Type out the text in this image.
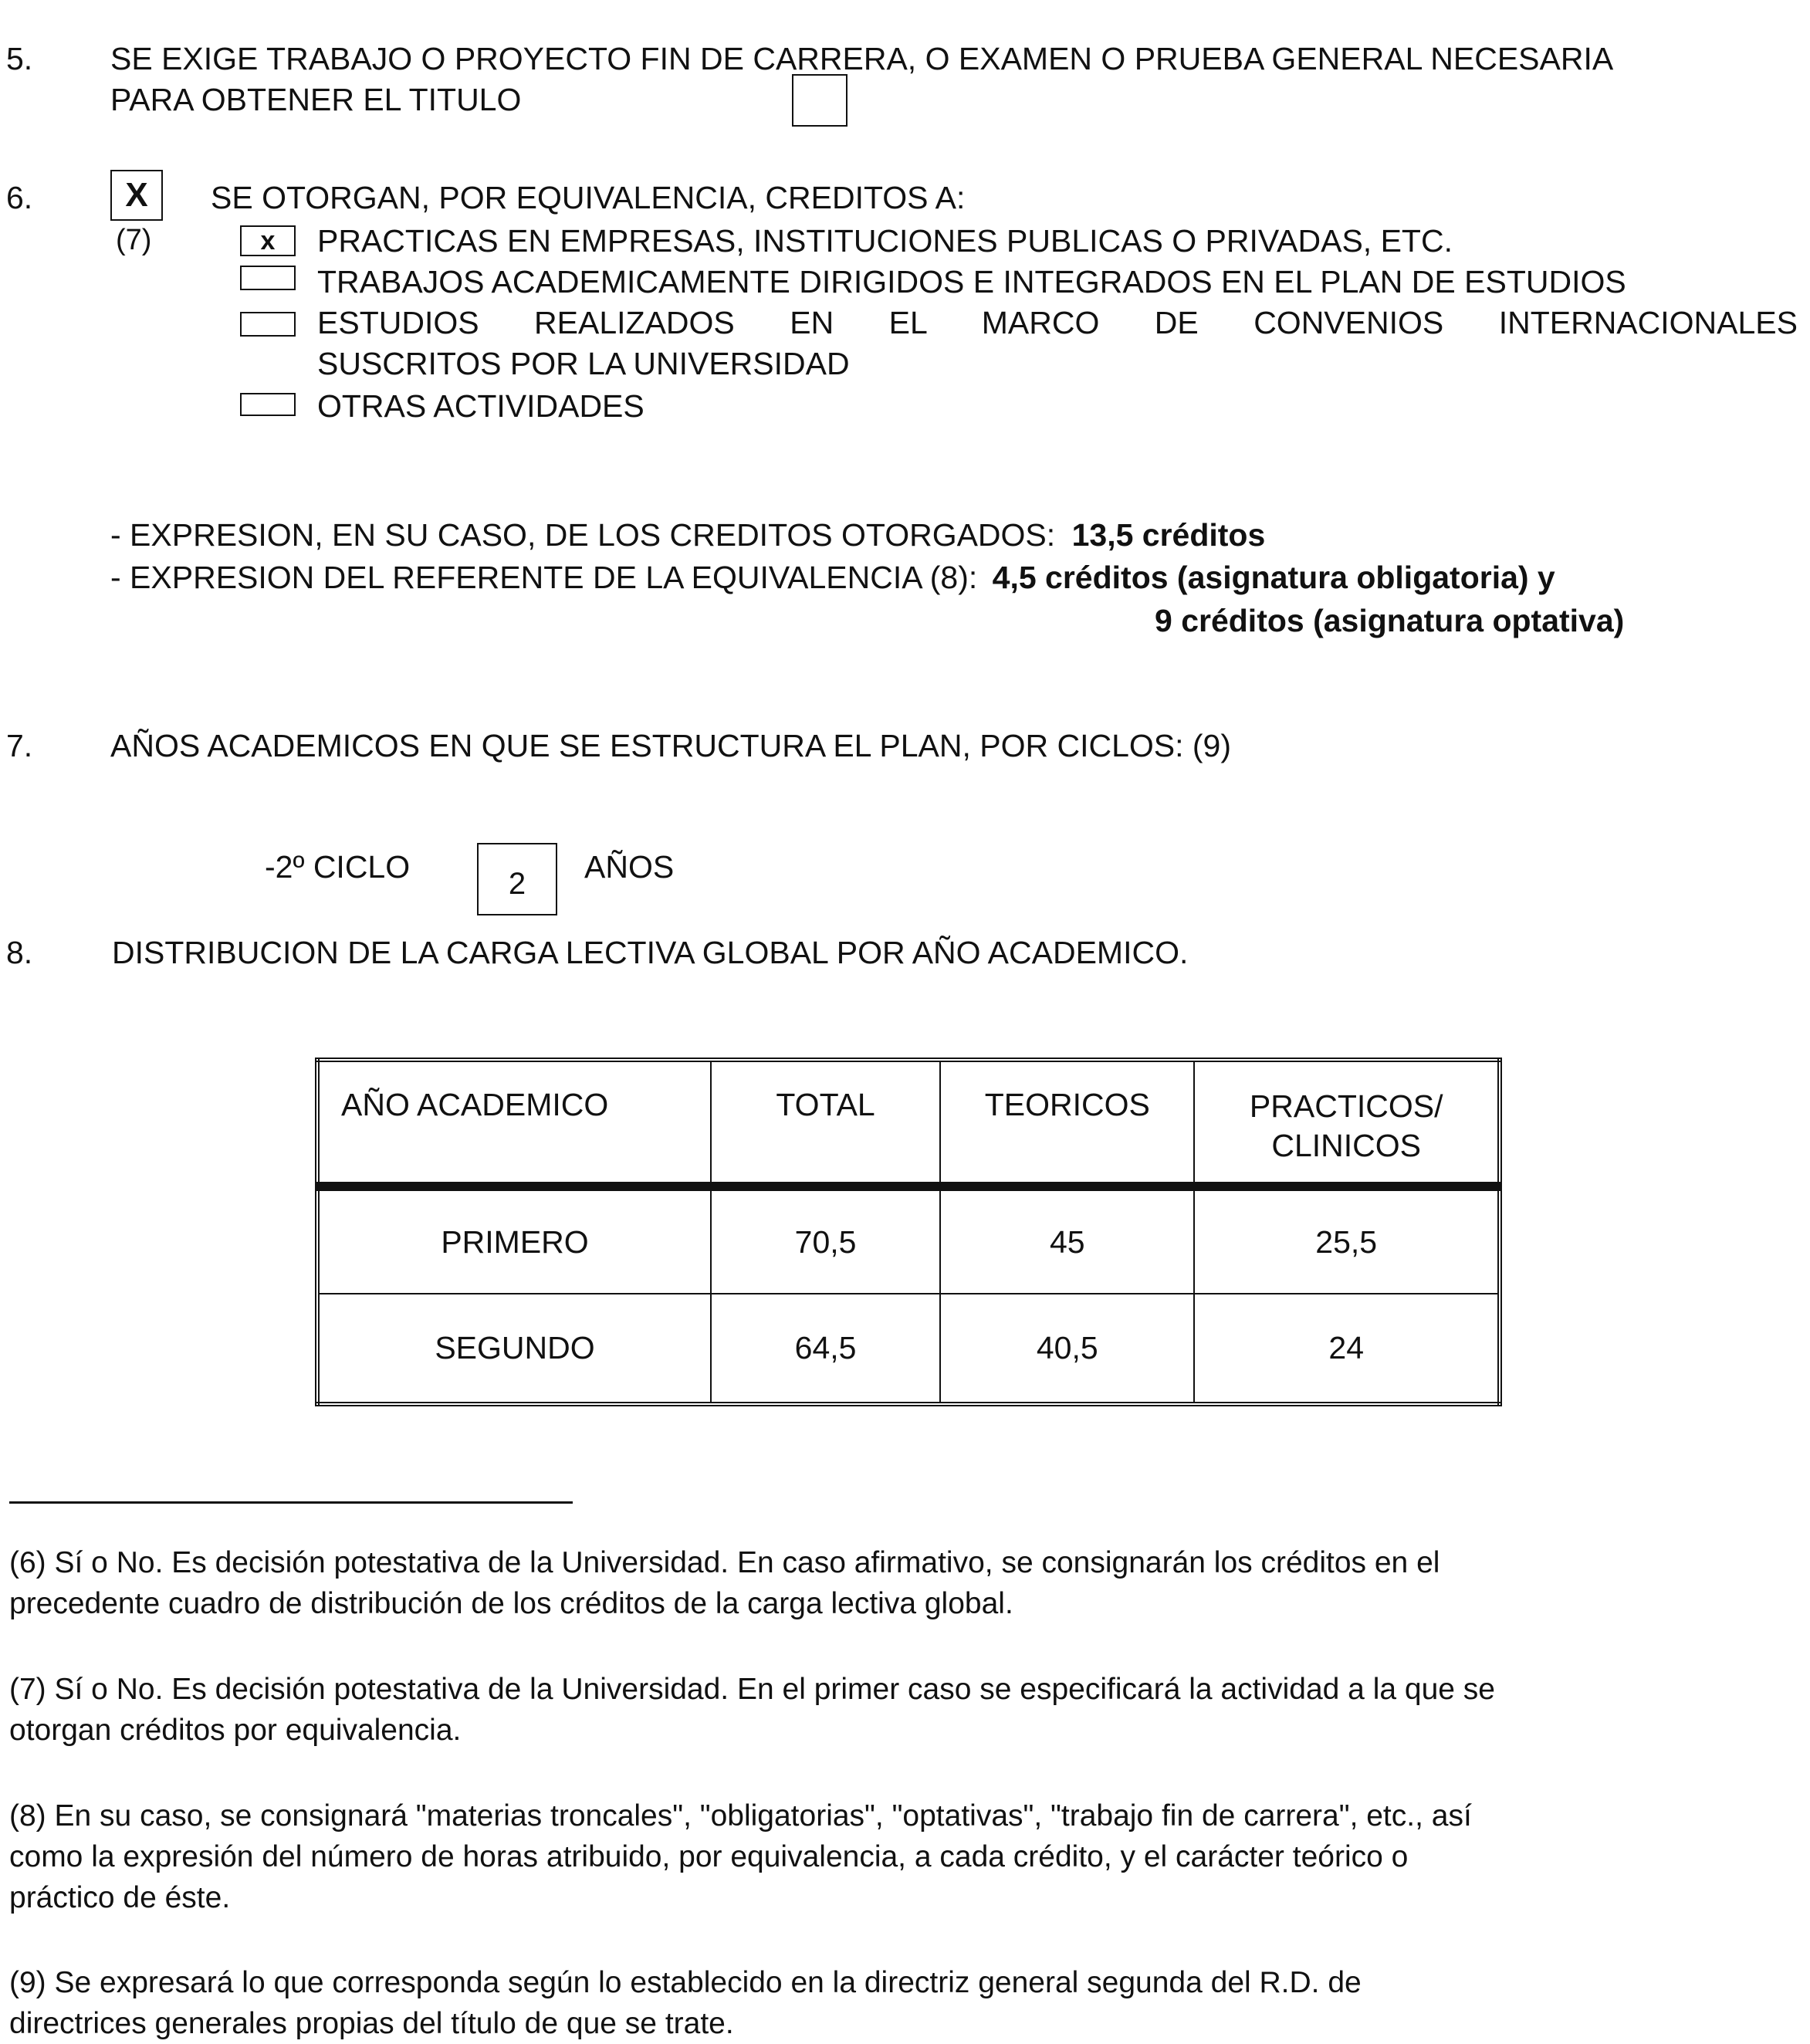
5. SE EXIGE TRABAJO O PROYECTO FIN DE CARRERA, O EXAMEN O PRUEBA GENERAL NECESARIA
PARA OBTENER EL TITULO
6.	X
(7)
SE OTORGAN, POR EQUIVALENCIA, CREDITOS A:
x	PRACTICAS EN EMPRESAS, INSTITUCIONES PUBLICAS O PRIVADAS, ETC.
TRABAJOS ACADEMICAMENTE DIRIGIDOS E INTEGRADOS EN EL PLAN DE ESTUDIOS
ESTUDIOS REALIZADOS EN EL MARCO DE CONVENIOS INTERNACIONALES
SUSCRITOS POR LA UNIVERSIDAD
OTRAS ACTIVIDADES
- EXPRESION, EN SU CASO, DE LOS CREDITOS OTORGADOS: 13,5 créditos
- EXPRESION DEL REFERENTE DE LA EQUIVALENCIA (8): 4,5 créditos (asignatura obligatoria) y
9 créditos (asignatura optativa)
7. AÑOS ACADEMICOS EN QUE SE ESTRUCTURA EL PLAN, POR CICLOS: (9)
-2º CICLO	2	AÑOS
8.	DISTRIBUCION DE LA CARGA LECTIVA GLOBAL POR AÑO ACADEMICO.
AÑO ACADEMICO	TOTAL	TEORICOS	PRACTICOS/
CLINICOS
PRIMERO	70,5	45	25,5
SEGUNDO	64,5	40,5	24
(6) Sí o No. Es decisión potestativa de la Universidad. En caso afirmativo, se consignarán los créditos en el
precedente cuadro de distribución de los créditos de la carga lectiva global.
(7) Sí o No. Es decisión potestativa de la Universidad. En el primer caso se especificará la actividad a la que se
otorgan créditos por equivalencia.
(8) En su caso, se consignará "materias troncales", "obligatorias", "optativas", "trabajo fin de carrera", etc., así
como la expresión del número de horas atribuido, por equivalencia, a cada crédito, y el carácter teórico o
práctico de éste.
(9) Se expresará lo que corresponda según lo establecido en la directriz general segunda del R.D. de
directrices generales propias del título de que se trate.
